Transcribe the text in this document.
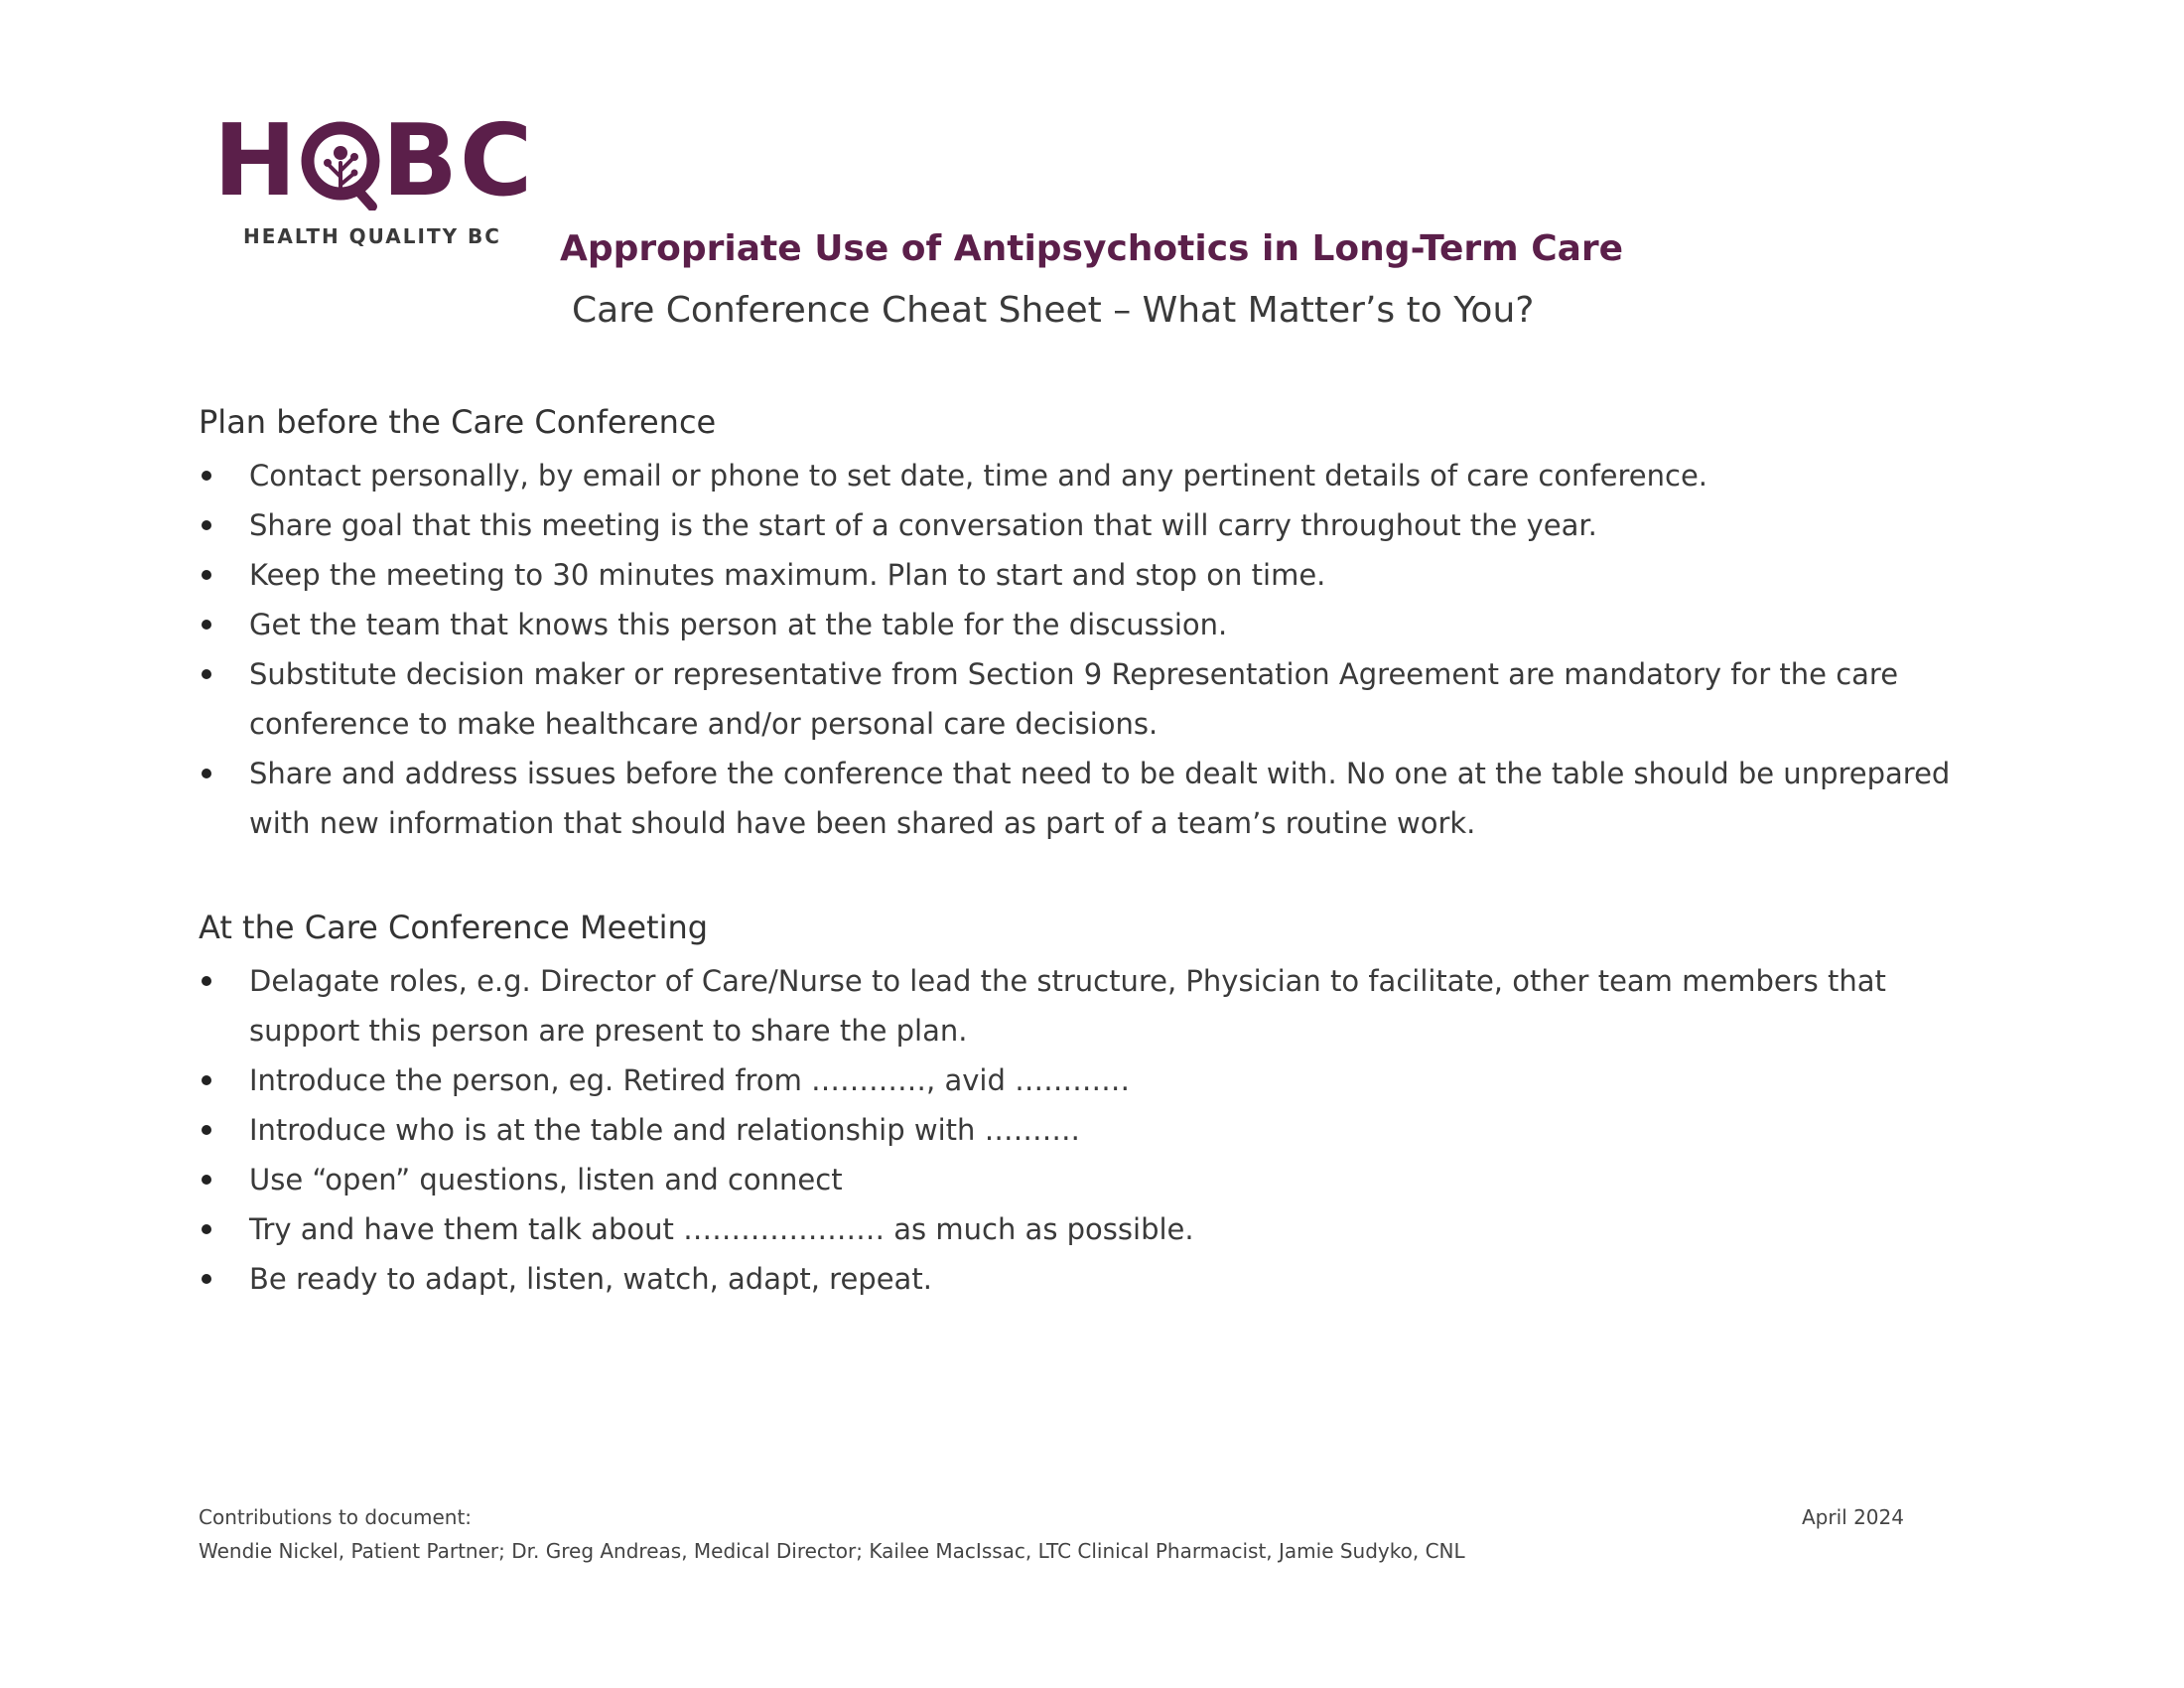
H BC
HEALTH QUALITY BC Appropriate Use of Antipsychotics in Long-Term Care
Care Conference Cheat Sheet – What Matter’s to You?
Plan before the Care Conference
Contact personally, by email or phone to set date, time and any pertinent details of care conference.
Share goal that this meeting is the start of a conversation that will carry throughout the year.
Keep the meeting to 30 minutes maximum. Plan to start and stop on time.
Get the team that knows this person at the table for the discussion.
Substitute decision maker or representative from Section 9 Representation Agreement are mandatory for the care conference to make healthcare and/or personal care decisions.
Share and address issues before the conference that need to be dealt with. No one at the table should be unprepared with new information that should have been shared as part of a team’s routine work.
At the Care Conference Meeting
Delagate roles, e.g. Director of Care/Nurse to lead the structure, Physician to facilitate, other team members that support this person are present to share the plan.
Introduce the person, eg. Retired from …………, avid …………
Introduce who is at the table and relationship with ……….
Use “open” questions, listen and connect
Try and have them talk about ………………… as much as possible.
Be ready to adapt, listen, watch, adapt, repeat.
Contributions to document:
Wendie Nickel, Patient Partner; Dr. Greg Andreas, Medical Director; Kailee MacIssac, LTC Clinical Pharmacist, Jamie Sudyko, CNL
April 2024
